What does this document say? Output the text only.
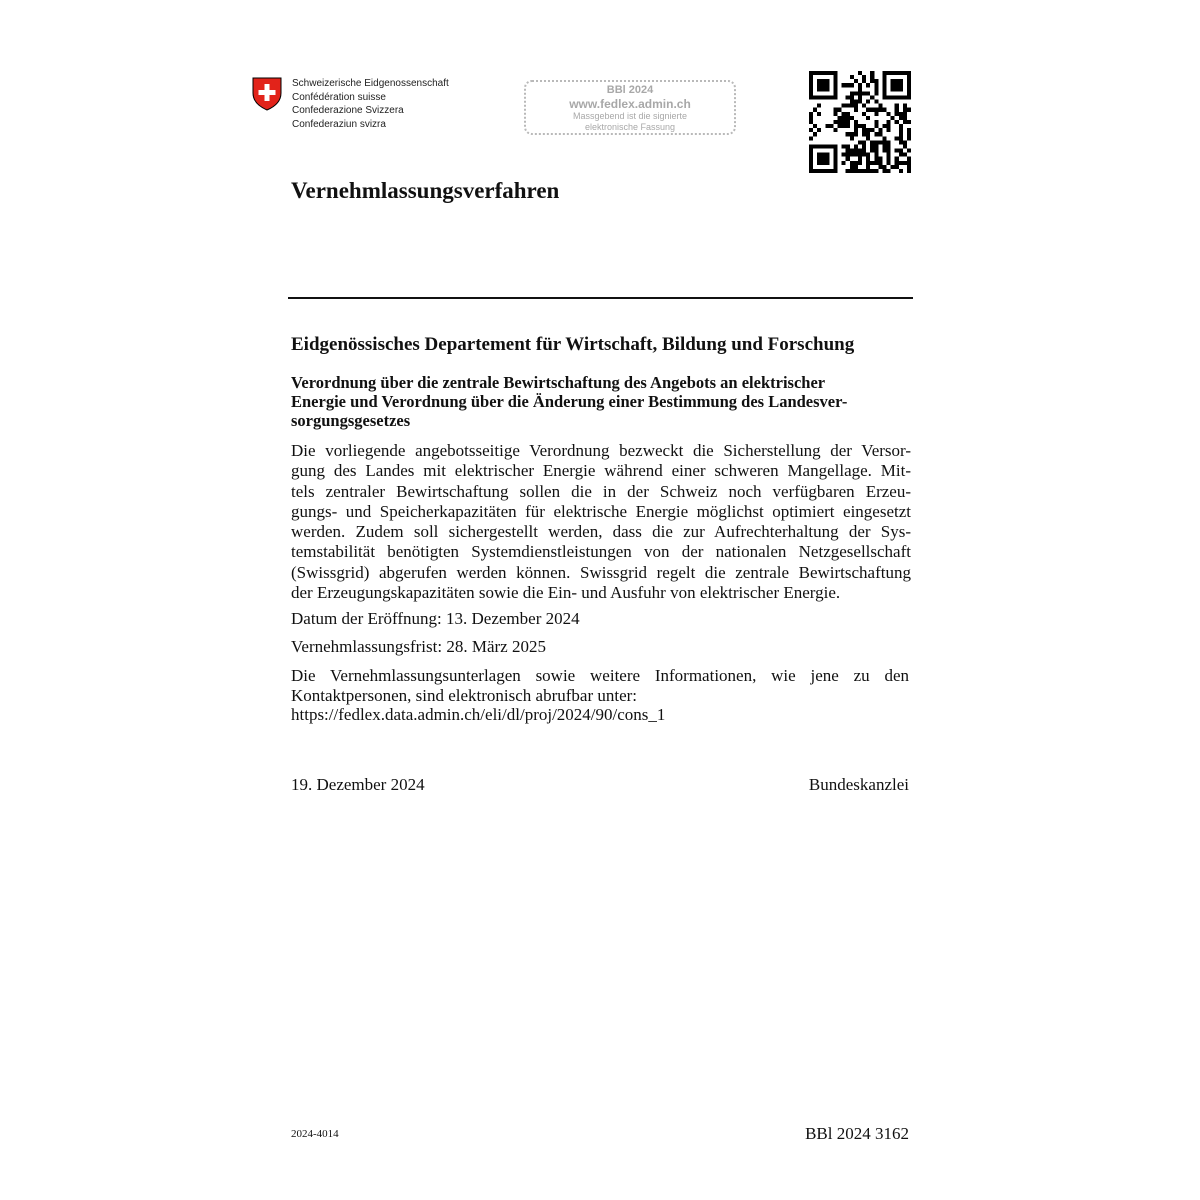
Schweizerische Eidgenossenschaft
Confédération suisse
Confederazione Svizzera
Confederaziun svizra
BBl 2024
www.fedlex.admin.ch
Massgebend ist die signierte
elektronische Fassung
Vernehmlassungsverfahren
Eidgenössisches Departement für Wirtschaft, Bildung und Forschung
Verordnung über die zentrale Bewirtschaftung des Angebots an elektrischer
Energie und Verordnung über die Änderung einer Bestimmung des Landesver-
sorgungsgesetzes
Die vorliegende angebotsseitige Verordnung bezweckt die Sicherstellung der Versor-
gung des Landes mit elektrischer Energie während einer schweren Mangellage. Mit-
tels zentraler Bewirtschaftung sollen die in der Schweiz noch verfügbaren Erzeu-
gungs- und Speicherkapazitäten für elektrische Energie möglichst optimiert eingesetzt
werden. Zudem soll sichergestellt werden, dass die zur Aufrechterhaltung der Sys-
temstabilität benötigten Systemdienstleistungen von der nationalen Netzgesellschaft
(Swissgrid) abgerufen werden können. Swissgrid regelt die zentrale Bewirtschaftung
der Erzeugungskapazitäten sowie die Ein- und Ausfuhr von elektrischer Energie.
Datum der Eröffnung: 13. Dezember 2024
Vernehmlassungsfrist: 28. März 2025
Die Vernehmlassungsunterlagen sowie weitere Informationen, wie jene zu den
Kontaktpersonen, sind elektronisch abrufbar unter:
https://fedlex.data.admin.ch/eli/dl/proj/2024/90/cons_1
19. Dezember 2024	Bundeskanzlei
2024-4014	BBl 2024 3162
